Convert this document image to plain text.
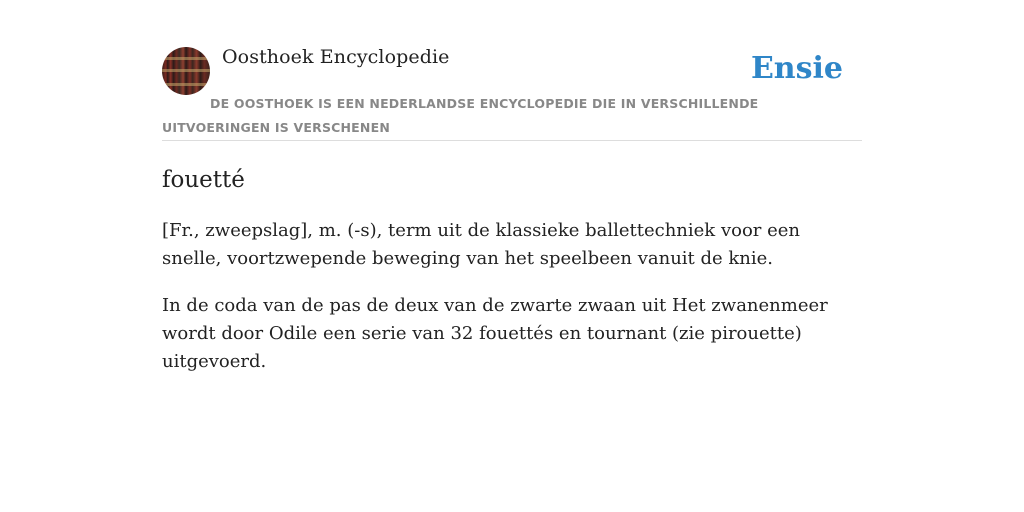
Oosthoek Encyclopedie	Ensie
DE OOSTHOEK IS EEN NEDERLANDSE ENCYCLOPEDIE DIE IN VERSCHILLENDE UITVOERINGEN IS VERSCHENEN
fouetté

[Fr., zweepslag], m. (-s), term uit de klassieke ballettechniek voor een snelle, voortzwepende beweging van het speelbeen vanuit de knie.

In de coda van de pas de deux van de zwarte zwaan uit Het zwanenmeer wordt door Odile een serie van 32 fouettés en tournant (zie pirouette) uitgevoerd.
